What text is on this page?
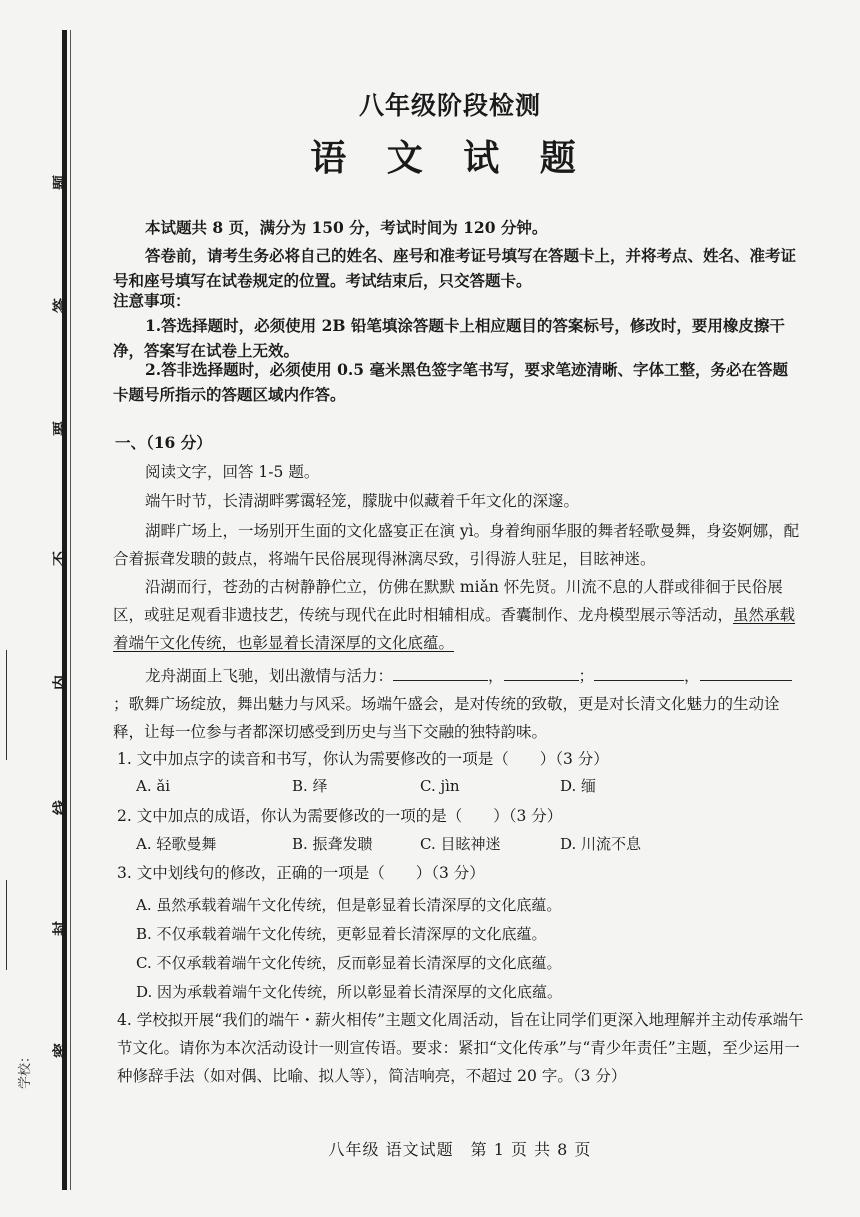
题
答
要
不
内
线
封
密
学校：
八年级阶段检测
语 文 试 题
本试题共 8 页，满分为 150 分，考试时间为 120 分钟。
答卷前，请考生务必将自己的姓名、座号和准考证号填写在答题卡上，并将考点、姓名、准考证号和座号填写在试卷规定的位置。考试结束后，只交答题卡。
注意事项：
1.答选择题时，必须使用 2B 铅笔填涂答题卡上相应题目的答案标号，修改时，要用橡皮擦干净，答案写在试卷上无效。
2.答非选择题时，必须使用 0.5 毫米黑色签字笔书写，要求笔迹清晰、字体工整，务必在答题卡题号所指示的答题区域内作答。
一、（16 分）
阅读文字，回答 1-5 题。
端午时节，长清湖畔雾霭轻笼，朦胧中似藏着千年文化的深邃。
湖畔广场上，一场别开生面的文化盛宴正在演 yì。身着绚丽华服的舞者轻歌曼舞，身姿婀娜，配合着振聋发聩的鼓点，将端午民俗展现得淋漓尽致，引得游人驻足，目眩神迷。
沿湖而行，苍劲的古树静静伫立，仿佛在默默 miǎn 怀先贤。川流不息的人群或徘徊于民俗展区，或驻足观看非遗技艺，传统与现代在此时相辅相成。香囊制作、龙舟模型展示等活动，虽然承载着端午文化传统，也彰显着长清深厚的文化底蕴。
龙舟湖面上飞驰，划出激情与活力：	，	；	，；歌舞广场绽放，舞出魅力与风采。场端午盛会，是对传统的致敬，更是对长清文化魅力的生动诠释，让每一位参与者都深切感受到历史与当下交融的独特韵味。
1. 文中加点字的读音和书写，你认为需要修改的一项是（　　）（3 分）
A. ǎi	B. 绎	C. jìn	D. 缅
2. 文中加点的成语，你认为需要修改的一项的是（　　）（3 分）
A. 轻歌曼舞	B. 振聋发聩	C. 目眩神迷	D. 川流不息
3. 文中划线句的修改，正确的一项是（　　）（3 分）
A. 虽然承载着端午文化传统，但是彰显着长清深厚的文化底蕴。
B. 不仅承载着端午文化传统，更彰显着长清深厚的文化底蕴。
C. 不仅承载着端午文化传统，反而彰显着长清深厚的文化底蕴。
D. 因为承载着端午文化传统，所以彰显着长清深厚的文化底蕴。
4. 学校拟开展“我们的端午・薪火相传”主题文化周活动，旨在让同学们更深入地理解并主动传承端午节文化。请你为本次活动设计一则宣传语。要求：紧扣“文化传承”与“青少年责任”主题，至少运用一种修辞手法（如对偶、比喻、拟人等），简洁响亮，不超过 20 字。（3 分）
八年级 语文试题　第 1 页 共 8 页
